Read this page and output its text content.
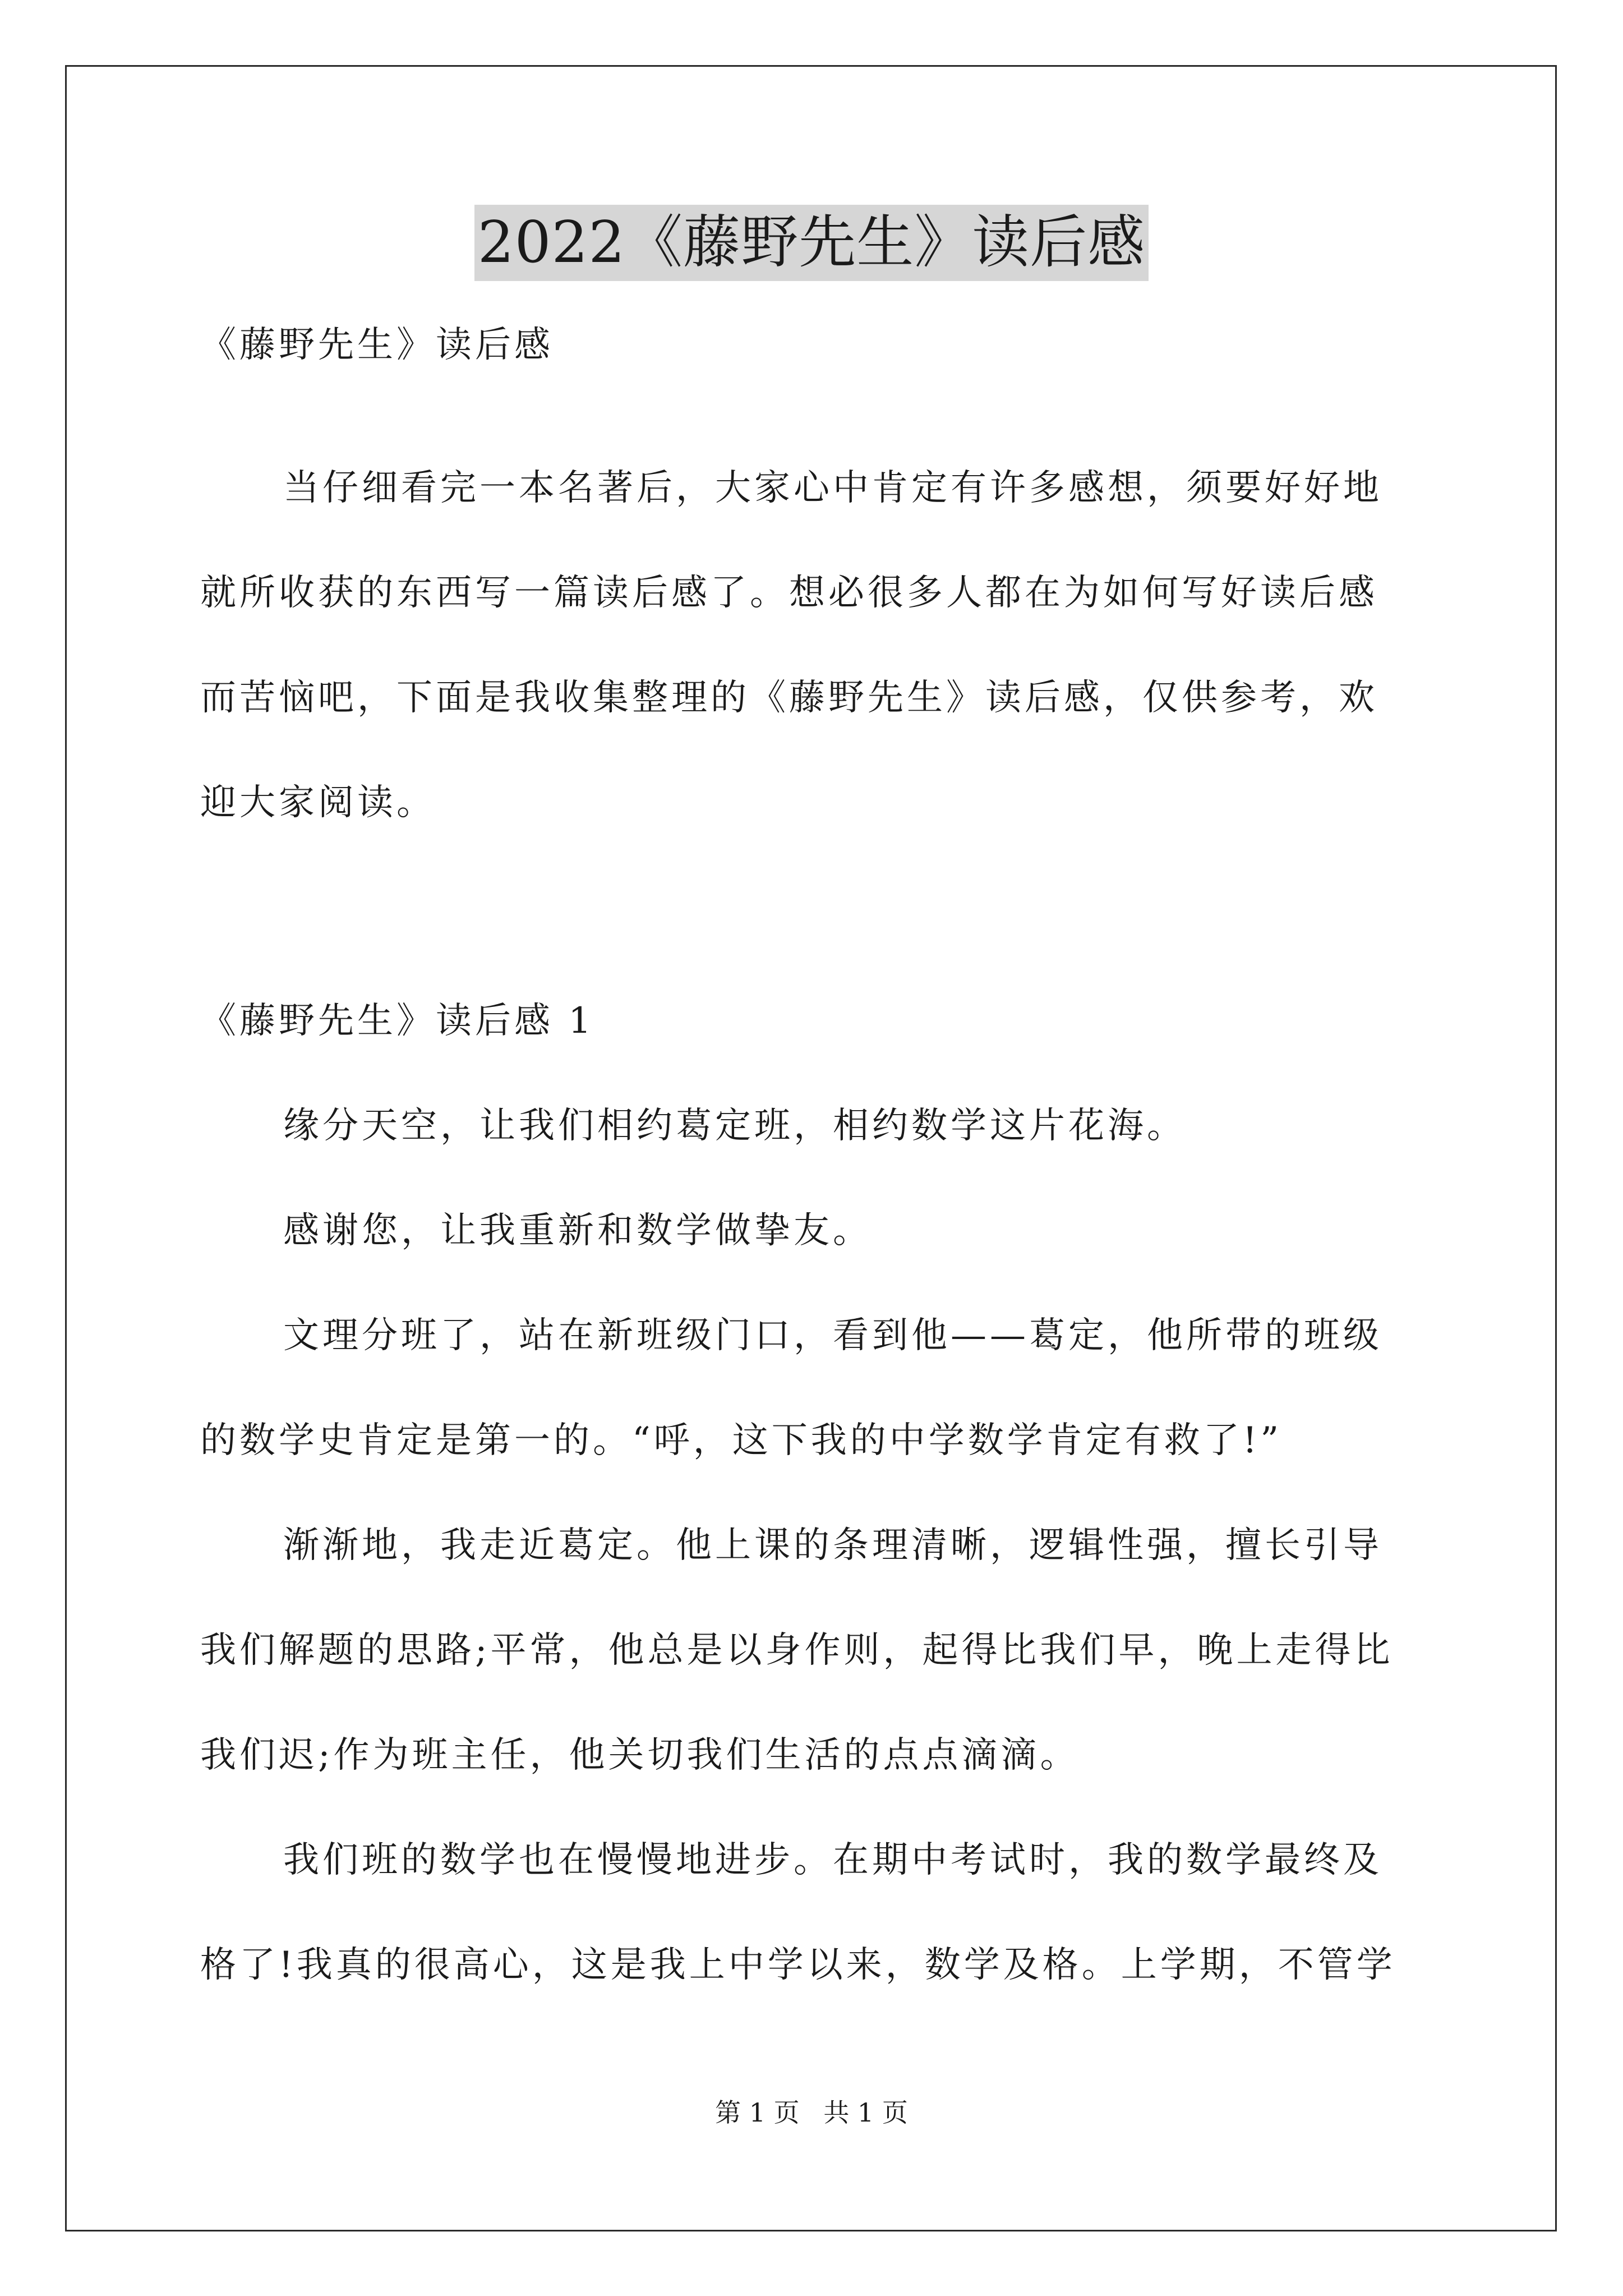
2022《藤野先生》读后感
《藤野先生》读后感
当仔细看完一本名著后，大家心中肯定有许多感想，须要好好地
就所收获的东西写一篇读后感了。想必很多人都在为如何写好读后感
而苦恼吧，下面是我收集整理的《藤野先生》读后感，仅供参考，欢
迎大家阅读。
《藤野先生》读后感 1
缘分天空，让我们相约葛定班，相约数学这片花海。
感谢您，让我重新和数学做挚友。
文理分班了，站在新班级门口，看到他——葛定，他所带的班级
的数学史肯定是第一的。“呼，这下我的中学数学肯定有救了!”
渐渐地，我走近葛定。他上课的条理清晰，逻辑性强，擅长引导
我们解题的思路;平常，他总是以身作则，起得比我们早，晚上走得比
我们迟;作为班主任，他关切我们生活的点点滴滴。
我们班的数学也在慢慢地进步。在期中考试时，我的数学最终及
格了!我真的很高心，这是我上中学以来，数学及格。上学期，不管学
第 1 页 共 1 页
